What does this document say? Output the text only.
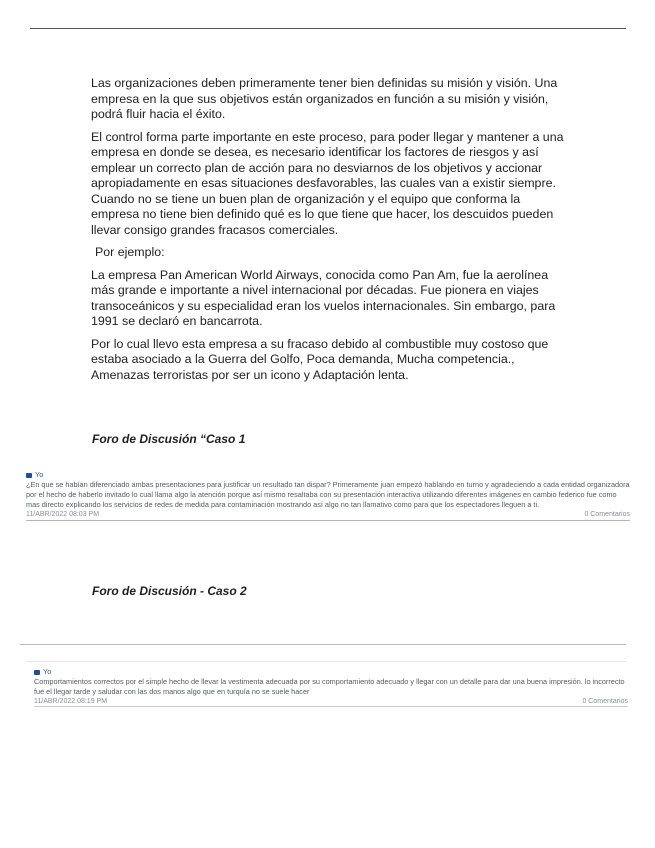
Las organizaciones deben primeramente tener bien definidas su misión y visión. Una empresa en la que sus objetivos están organizados en función a su misión y visión, podrá fluir hacia el éxito.

El control forma parte importante en este proceso, para poder llegar y mantener a una empresa en donde se desea, es necesario identificar los factores de riesgos y así emplear un correcto plan de acción para no desviarnos de los objetivos y accionar apropiadamente en esas situaciones desfavorables, las cuales van a existir siempre. Cuando no se tiene un buen plan de organización y el equipo que conforma la empresa no tiene bien definido qué es lo que tiene que hacer, los descuidos pueden llevar consigo grandes fracasos comerciales.

Por ejemplo:

La empresa Pan American World Airways, conocida como Pan Am, fue la aerolínea más grande e importante a nivel internacional por décadas. Fue pionera en viajes transoceánicos y su especialidad eran los vuelos internacionales. Sin embargo, para 1991 se declaró en bancarrota.

Por lo cual llevo esta empresa a su fracaso debido al combustible muy costoso que estaba asociado a la Guerra del Golfo, Poca demanda, Mucha competencia., Amenazas terroristas por ser un icono y Adaptación lenta.

Foro de Discusión “Caso 1
Yo

¿En que se habían diferenciado ambas presentaciones para justificar un resultado tan dispar? Primeramente juan empezó hablando en turno y agradeciendo a cada entidad organizadora por el hecho de haberlo invitado lo cual llama algo la atención porque así mismo resaltaba con su presentación interactiva utilizando diferentes imágenes en cambio federico fue como mas directo explicando los servicios de redes de medida para contaminación mostrando así algo no tan llamativo como para que los espectadores lleguen a ti.

11/ABR/2022 08:03 PM	0 Comentarios
Foro de Discusión - Caso 2
Yo

Comportamientos correctos por el simple hecho de llevar la vestimenta adecuada por su comportamiento adecuado y llegar con un detalle para dar una buena impresión. lo incorrecto fue el llegar tarde y saludar con las dos manos algo que en turquía no se suele hacer

11/ABR/2022 08:19 PM	0 Comentarios
